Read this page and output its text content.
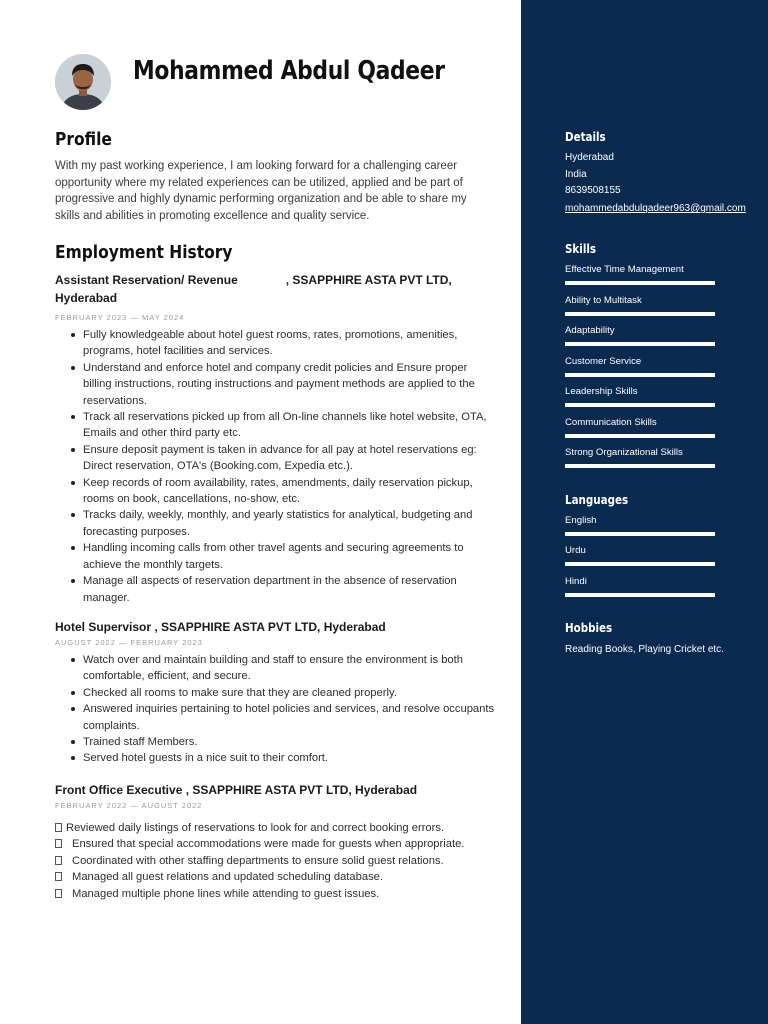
Mohammed Abdul Qadeer
Profile

With my past working experience, I am looking forward for a challenging career opportunity where my related experiences can be utilized, applied and be part of progressive and highly dynamic performing organization and be able to share my skills and abilities in promoting excellence and quality service.

Employment History

Assistant Reservation/ Revenue	, SSAPPHIRE ASTA PVT LTD,
Hyderabad

FEBRUARY 2023 — MAY 2024

Fully knowledgeable about hotel guest rooms, rates, promotions, amenities, programs, hotel facilities and services.
Understand and enforce hotel and company credit policies and Ensure proper billing instructions, routing instructions and payment methods are applied to the reservations.
Track all reservations picked up from all On-line channels like hotel website, OTA, Emails and other third party etc.
Ensure deposit payment is taken in advance for all pay at hotel reservations eg: Direct reservation, OTA's (Booking.com, Expedia etc.).
Keep records of room availability, rates, amendments, daily reservation pickup, rooms on book, cancellations, no-show, etc.
Tracks daily, weekly, monthly, and yearly statistics for analytical, budgeting and forecasting purposes.
Handling incoming calls from other travel agents and securing agreements to achieve the monthly targets.
Manage all aspects of reservation department in the absence of reservation manager.

Hotel Supervisor , SSAPPHIRE ASTA PVT LTD, Hyderabad

AUGUST 2022 — FEBRUARY 2023

Watch over and maintain building and staff to ensure the environment is both comfortable, efficient, and secure.
Checked all rooms to make sure that they are cleaned properly.
Answered inquiries pertaining to hotel policies and services, and resolve occupants complaints.
Trained staff Members.
Served hotel guests in a nice suit to their comfort.

Front Office Executive , SSAPPHIRE ASTA PVT LTD, Hyderabad

FEBRUARY 2022 — AUGUST 2022

Reviewed daily listings of reservations to look for and correct booking errors.
Ensured that special accommodations were made for guests when appropriate.
Coordinated with other staffing departments to ensure solid guest relations.
Managed all guest relations and updated scheduling database.
Managed multiple phone lines while attending to guest issues.
Details

Hyderabad

India

8639508155

mohammedabdulqadeer963@gmail.com

Skills

Effective Time Management

Ability to Multitask

Adaptability

Customer Service

Leadership Skills

Communication Skills

Strong Organizational Skills

Languages

English

Urdu

Hindi

Hobbies

Reading Books, Playing Cricket etc.
